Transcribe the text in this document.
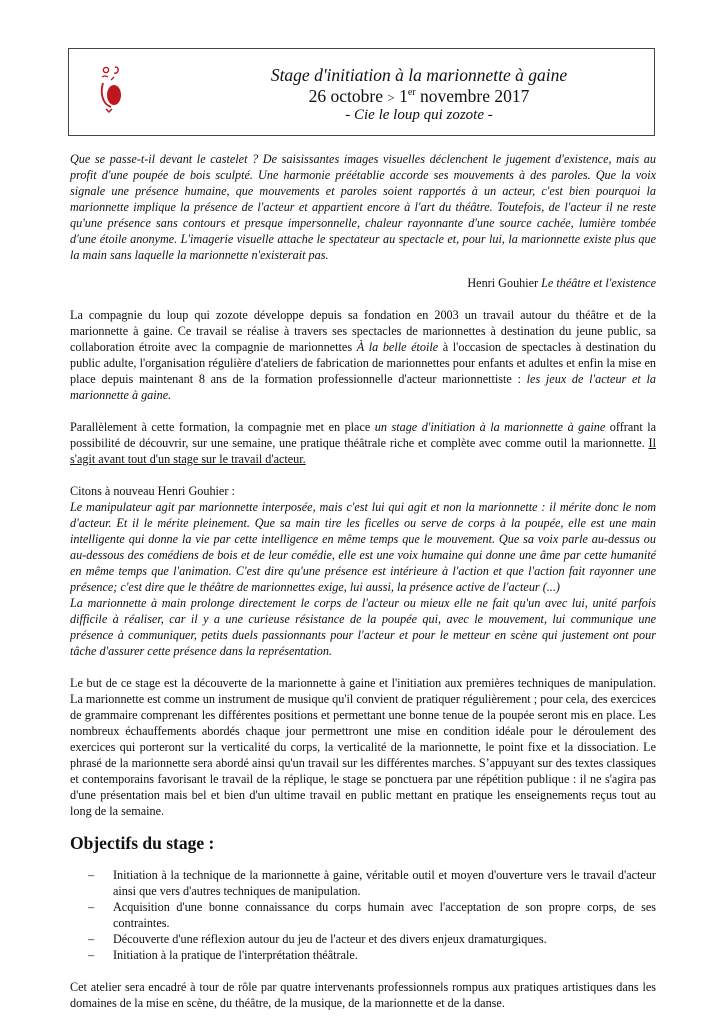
Stage d'initiation à la marionnette à gaine
26 octobre > 1er novembre 2017
- Cie le loup qui zozote -

Que se passe-t-il devant le castelet ? De saisissantes images visuelles déclenchent le jugement d'existence, mais au profit d'une poupée de bois sculpté. Une harmonie préétablie accorde ses mouvements à des paroles. Que la voix signale une présence humaine, que mouvements et paroles soient rapportés à un acteur, c'est bien pourquoi la marionnette implique la présence de l'acteur et appartient encore à l'art du théâtre. Toutefois, de l'acteur il ne reste qu'une présence sans contours et presque impersonnelle, chaleur rayonnante d'une source cachée, lumière tombée d'une étoile anonyme. L'imagerie visuelle attache le spectateur au spectacle et, pour lui, la marionnette existe plus que la main sans laquelle la marionnette n'existerait pas.

Henri Gouhier Le théâtre et l'existence

La compagnie du loup qui zozote développe depuis sa fondation en 2003 un travail autour du théâtre et de la marionnette à gaine. Ce travail se réalise à travers ses spectacles de marionnettes à destination du jeune public, sa collaboration étroite avec la compagnie de marionnettes À la belle étoile à l'occasion de spectacles à destination du public adulte, l'organisation régulière d'ateliers de fabrication de marionnettes pour enfants et adultes et enfin la mise en place depuis maintenant 8 ans de la formation professionnelle d'acteur marionnettiste : les jeux de l'acteur et la marionnette à gaine.

Parallèlement à cette formation, la compagnie met en place un stage d'initiation à la marionnette à gaine offrant la possibilité de découvrir, sur une semaine, une pratique théâtrale riche et complète avec comme outil la marionnette. Il s'agit avant tout d'un stage sur le travail d'acteur.

Citons à nouveau Henri Gouhier :

Le manipulateur agit par marionnette interposée, mais c'est lui qui agit et non la marionnette : il mérite donc le nom d'acteur. Et il le mérite pleinement. Que sa main tire les ficelles ou serve de corps à la poupée, elle est une main intelligente qui donne la vie par cette intelligence en même temps que le mouvement. Que sa voix parle au-dessus ou au-dessous des comédiens de bois et de leur comédie, elle est une voix humaine qui donne une âme par cette humanité en même temps que l'animation. C'est dire qu'une présence est intérieure à l'action et que l'action fait rayonner une présence; c'est dire que le théâtre de marionnettes exige, lui aussi, la présence active de l'acteur (...)

La marionnette à main prolonge directement le corps de l'acteur ou mieux elle ne fait qu'un avec lui, unité parfois difficile à réaliser, car il y a une curieuse résistance de la poupée qui, avec le mouvement, lui communique une présence à communiquer, petits duels passionnants pour l'acteur et pour le metteur en scène qui justement ont pour tâche d'assurer cette présence dans la représentation.

Le but de ce stage est la découverte de la marionnette à gaine et l'initiation aux premières techniques de manipulation. La marionnette est comme un instrument de musique qu'il convient de pratiquer régulièrement ; pour cela, des exercices de grammaire comprenant les différentes positions et permettant une bonne tenue de la poupée seront mis en place. Les nombreux échauffements abordés chaque jour permettront une mise en condition idéale pour le déroulement des exercices qui porteront sur la verticalité du corps, la verticalité de la marionnette, le point fixe et la dissociation. Le phrasé de la marionnette sera abordé ainsi qu'un travail sur les différentes marches. S’appuyant sur des textes classiques et contemporains favorisant le travail de la réplique, le stage se ponctuera par une répétition publique : il ne s'agira pas d'une présentation mais bel et bien d'un ultime travail en public mettant en pratique les enseignements reçus tout au long de la semaine.

Objectifs du stage :
– Initiation à la technique de la marionnette à gaine, véritable outil et moyen d'ouverture vers le travail d'acteur ainsi que vers d'autres techniques de manipulation.
– Acquisition d'une bonne connaissance du corps humain avec l'acceptation de son propre corps, de ses contraintes.
– Découverte d'une réflexion autour du jeu de l'acteur et des divers enjeux dramaturgiques.
– Initiation à la pratique de l'interprétation théâtrale.

Cet atelier sera encadré à tour de rôle par quatre intervenants professionnels rompus aux pratiques artistiques dans les domaines de la mise en scène, du théâtre, de la musique, de la marionnette et de la danse.
